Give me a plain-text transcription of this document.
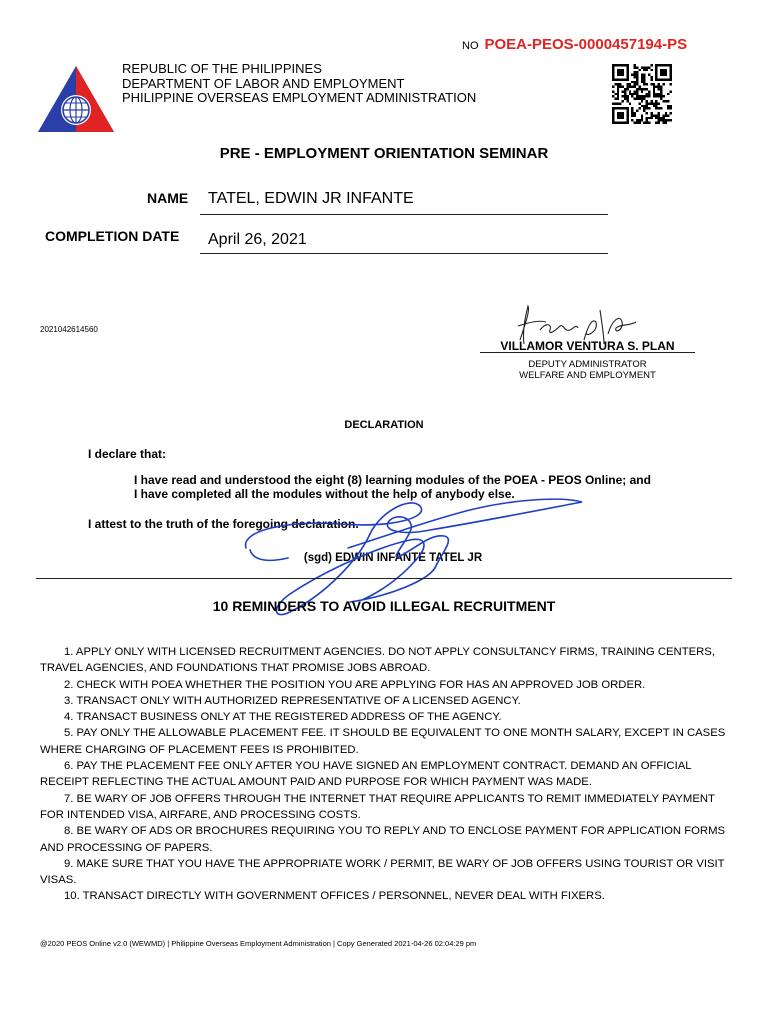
NO POEA-PEOS-0000457194-PS
REPUBLIC OF THE PHILIPPINES
DEPARTMENT OF LABOR AND EMPLOYMENT
PHILIPPINE OVERSEAS EMPLOYMENT ADMINISTRATION
PRE - EMPLOYMENT ORIENTATION SEMINAR
NAME TATEL, EDWIN JR INFANTE
COMPLETION DATE April 26, 2021
2021042614560
VILLAMOR VENTURA S. PLAN
DEPUTY ADMINISTRATOR
WELFARE AND EMPLOYMENT
DECLARATION
I declare that:
I have read and understood the eight (8) learning modules of the POEA - PEOS Online; and
I have completed all the modules without the help of anybody else.
I attest to the truth of the foregoing declaration.
(sgd) EDWIN INFANTE TATEL JR
10 REMINDERS TO AVOID ILLEGAL RECRUITMENT

1. APPLY ONLY WITH LICENSED RECRUITMENT AGENCIES. DO NOT APPLY CONSULTANCY FIRMS, TRAINING CENTERS, TRAVEL AGENCIES, AND FOUNDATIONS THAT PROMISE JOBS ABROAD.

2. CHECK WITH POEA WHETHER THE POSITION YOU ARE APPLYING FOR HAS AN APPROVED JOB ORDER.

3. TRANSACT ONLY WITH AUTHORIZED REPRESENTATIVE OF A LICENSED AGENCY.

4. TRANSACT BUSINESS ONLY AT THE REGISTERED ADDRESS OF THE AGENCY.

5. PAY ONLY THE ALLOWABLE PLACEMENT FEE. IT SHOULD BE EQUIVALENT TO ONE MONTH SALARY, EXCEPT IN CASES WHERE CHARGING OF PLACEMENT FEES IS PROHIBITED.

6. PAY THE PLACEMENT FEE ONLY AFTER YOU HAVE SIGNED AN EMPLOYMENT CONTRACT. DEMAND AN OFFICIAL RECEIPT REFLECTING THE ACTUAL AMOUNT PAID AND PURPOSE FOR WHICH PAYMENT WAS MADE.

7. BE WARY OF JOB OFFERS THROUGH THE INTERNET THAT REQUIRE APPLICANTS TO REMIT IMMEDIATELY PAYMENT FOR INTENDED VISA, AIRFARE, AND PROCESSING COSTS.

8. BE WARY OF ADS OR BROCHURES REQUIRING YOU TO REPLY AND TO ENCLOSE PAYMENT FOR APPLICATION FORMS AND PROCESSING OF PAPERS.

9. MAKE SURE THAT YOU HAVE THE APPROPRIATE WORK / PERMIT, BE WARY OF JOB OFFERS USING TOURIST OR VISIT VISAS.

10. TRANSACT DIRECTLY WITH GOVERNMENT OFFICES / PERSONNEL, NEVER DEAL WITH FIXERS.

@2020 PEOS Online v2.0 (WEWMD) | Philippine Overseas Employment Administration | Copy Generated 2021-04-26 02:04:29 pm
